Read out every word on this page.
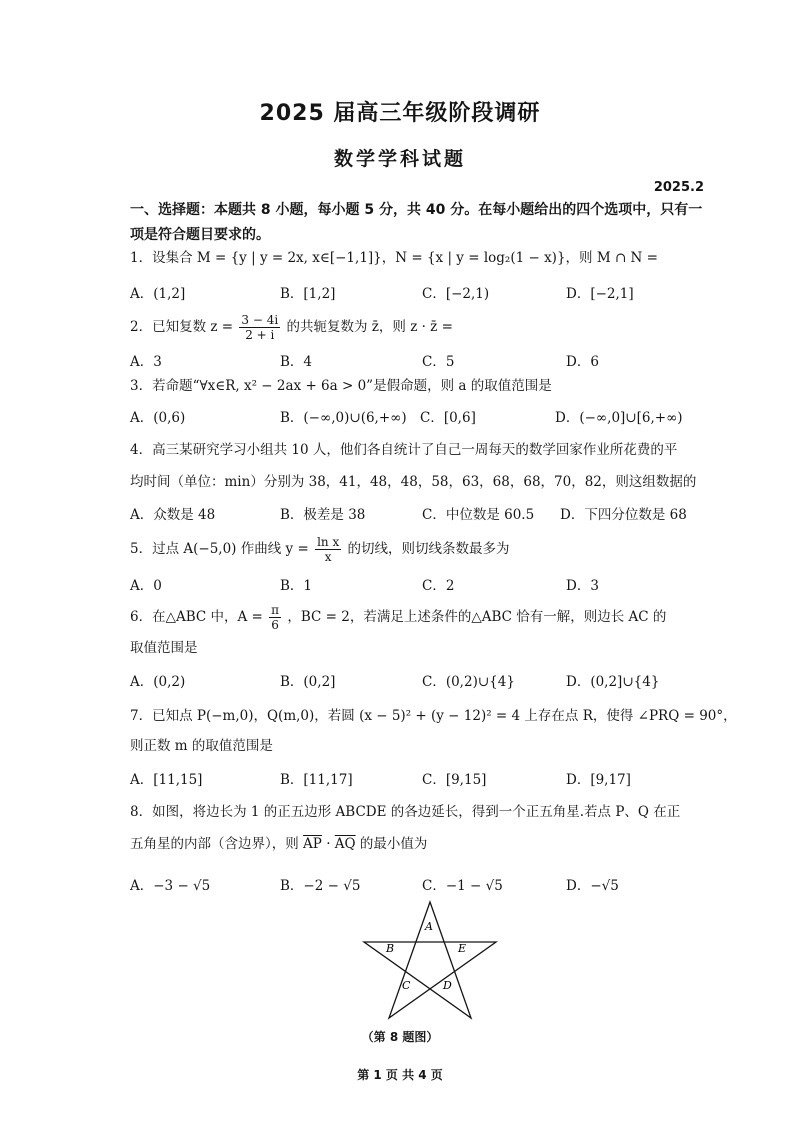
2025 届高三年级阶段调研
数学学科试题
2025.2
一、选择题：本题共 8 小题，每小题 5 分，共 40 分。在每小题给出的四个选项中，只有一项是符合题目要求的。
1．设集合 M = {y | y = 2x, x∈[−1,1]}，N = {x | y = log₂(1 − x)}，则 M ∩ N =
A．(1,2]	B．[1,2]	C．[−2,1)	D．[−2,1]
2．已知复数 $z = \frac{3 - 4i}{2 + i}$ 的共轭复数为 z̄，则 z · z̄ =
A．3	B．4	C．5	D．6
3．若命题“∀x∈R, x² − 2ax + 6a > 0”是假命题，则 a 的取值范围是
A．(0,6)	B．(−∞,0)∪(6,+∞) C．[0,6]	D．(−∞,0]∪[6,+∞)
4．高三某研究学习小组共 10 人，他们各自统计了自己一周每天的数学回家作业所花费的平
均时间（单位：min）分别为 38，41，48，48，58，63，68，68，70，82，则这组数据的
A．众数是 48	B．极差是 38	C．中位数是 60.5 D．下四分位数是 68
5．过点 A(−5,0) 作曲线 $y = \frac{\text{ln x}}{x}$ 的切线，则切线条数最多为
A．0	B．1	C．2	D．3
6．在△ABC 中，$A = \frac{\pi}{6}$ ，BC = 2，若满足上述条件的△ABC 恰有一解，则边长 AC 的
取值范围是
A．(0,2)	B．(0,2]	C．(0,2)∪{4}	D．(0,2]∪{4}
7．已知点 P(−m,0)，Q(m,0)，若圆 (x − 5)² + (y − 12)² = 4 上存在点 R，使得 ∠PRQ = 90°，
则正数 m 的取值范围是
A．[11,15]	B．[11,17]	C．[9,15]	D．[9,17]
8．如图，将边长为 1 的正五边形 ABCDE 的各边延长，得到一个正五角星.若点 P、Q 在正
五角星的内部（含边界），则 $\overline{AP} \cdot \overline{AQ}$ 的最小值为
A．−3 − √5	B．−2 − √5	C．−1 − √5	D．−√5
A
B	E
C	D
（第 8 题图）
第 1 页 共 4 页
